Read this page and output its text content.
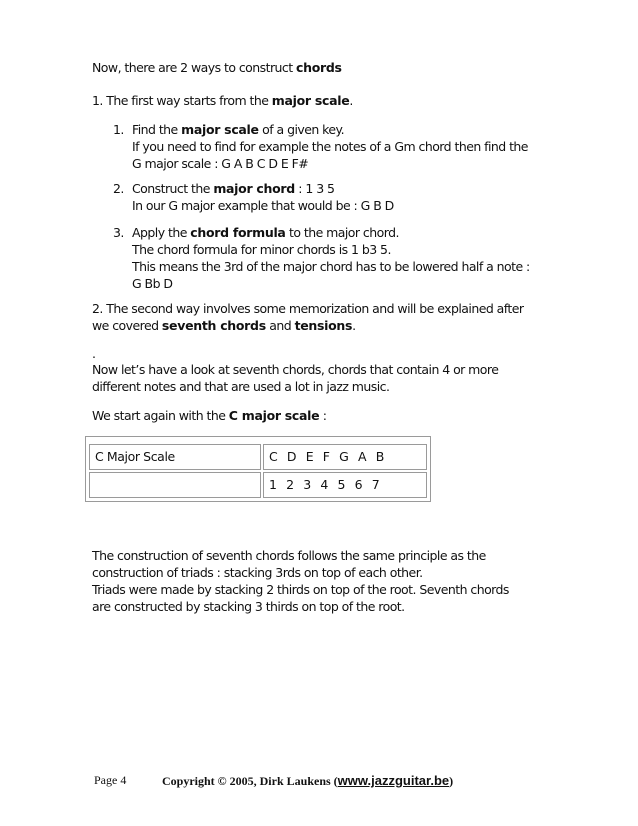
Now, there are 2 ways to construct chords
1. The first way starts from the major scale.
1. Find the major scale of a given key.
If you need to find for example the notes of a Gm chord then find the
G major scale : G A B C D E F#
2. Construct the major chord : 1 3 5
In our G major example that would be : G B D
3. Apply the chord formula to the major chord.
The chord formula for minor chords is 1 b3 5.
This means the 3rd of the major chord has to be lowered half a note :
G Bb D
2. The second way involves some memorization and will be explained after
we covered seventh chords and tensions.
.
Now let’s have a look at seventh chords, chords that contain 4 or more
different notes and that are used a lot in jazz music.
We start again with the C major scale :
C Major Scale	C D E F G A B
1 2 3 4 5 6 7
The construction of seventh chords follows the same principle as the
construction of triads : stacking 3rds on top of each other.
Triads were made by stacking 2 thirds on top of the root. Seventh chords
are constructed by stacking 3 thirds on top of the root.
Page 4	Copyright © 2005, Dirk Laukens (www.jazzguitar.be)
